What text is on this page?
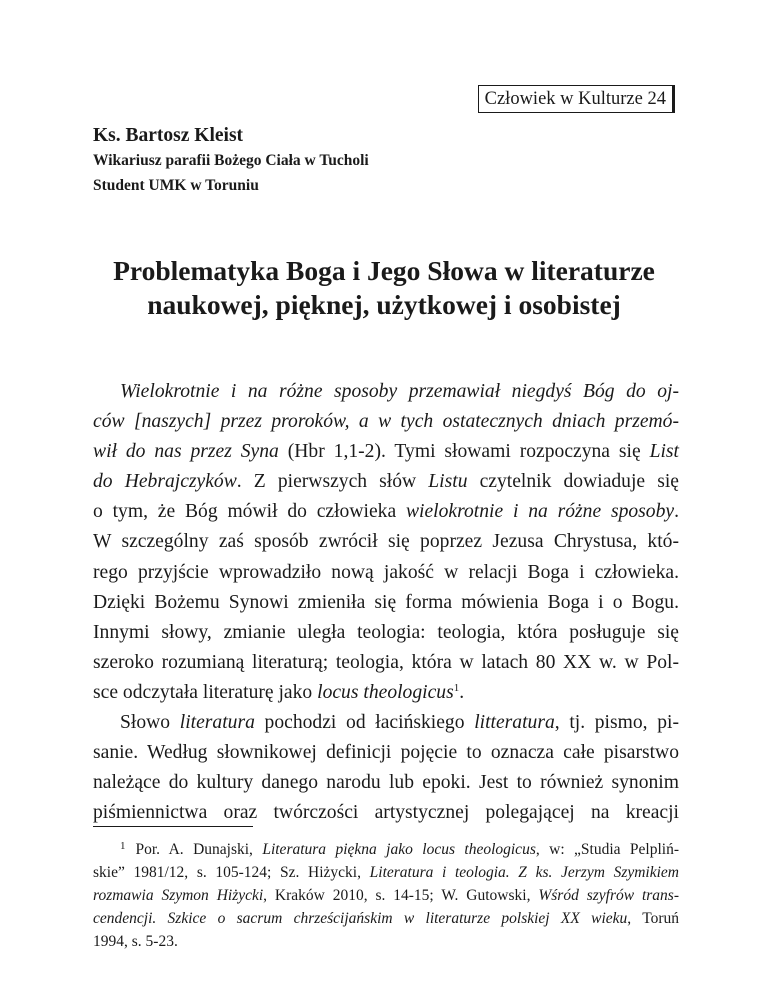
Człowiek w Kulturze 24
Ks. Bartosz Kleist
Wikariusz parafii Bożego Ciała w Tucholi
Student UMK w Toruniu
Problematyka Boga i Jego Słowa w literaturze
naukowej, pięknej, użytkowej i osobistej
Wielokrotnie i na różne sposoby przemawiał niegdyś Bóg do oj-
ców [naszych] przez proroków, a w tych ostatecznych dniach przemó-
wił do nas przez Syna (Hbr 1,1-2). Tymi słowami rozpoczyna się List
do Hebrajczyków. Z pierwszych słów Listu czytelnik dowiaduje się
o tym, że Bóg mówił do człowieka wielokrotnie i na różne sposoby.
W szczególny zaś sposób zwrócił się poprzez Jezusa Chrystusa, któ-
rego przyjście wprowadziło nową jakość w relacji Boga i człowieka.
Dzięki Bożemu Synowi zmieniła się forma mówienia Boga i o Bogu.
Innymi słowy, zmianie uległa teologia: teologia, która posługuje się
szeroko rozumianą literaturą; teologia, która w latach 80 XX w. w Pol-
sce odczytała literaturę jako locus theologicus$^1$.
Słowo literatura pochodzi od łacińskiego litteratura, tj. pismo, pi-
sanie. Według słownikowej definicji pojęcie to oznacza całe pisarstwo
należące do kultury danego narodu lub epoki. Jest to również synonim
piśmiennictwa oraz twórczości artystycznej polegającej na kreacji
$^1$ Por. A. Dunajski, Literatura piękna jako locus theologicus, w: „Studia Pelpliń-
skie” 1981/12, s. 105-124; Sz. Hiżycki, Literatura i teologia. Z ks. Jerzym Szymikiem
rozmawia Szymon Hiżycki, Kraków 2010, s. 14-15; W. Gutowski, Wśród szyfrów trans-
cendencji. Szkice o sacrum chrześcijańskim w literaturze polskiej XX wieku, Toruń
1994, s. 5-23.
